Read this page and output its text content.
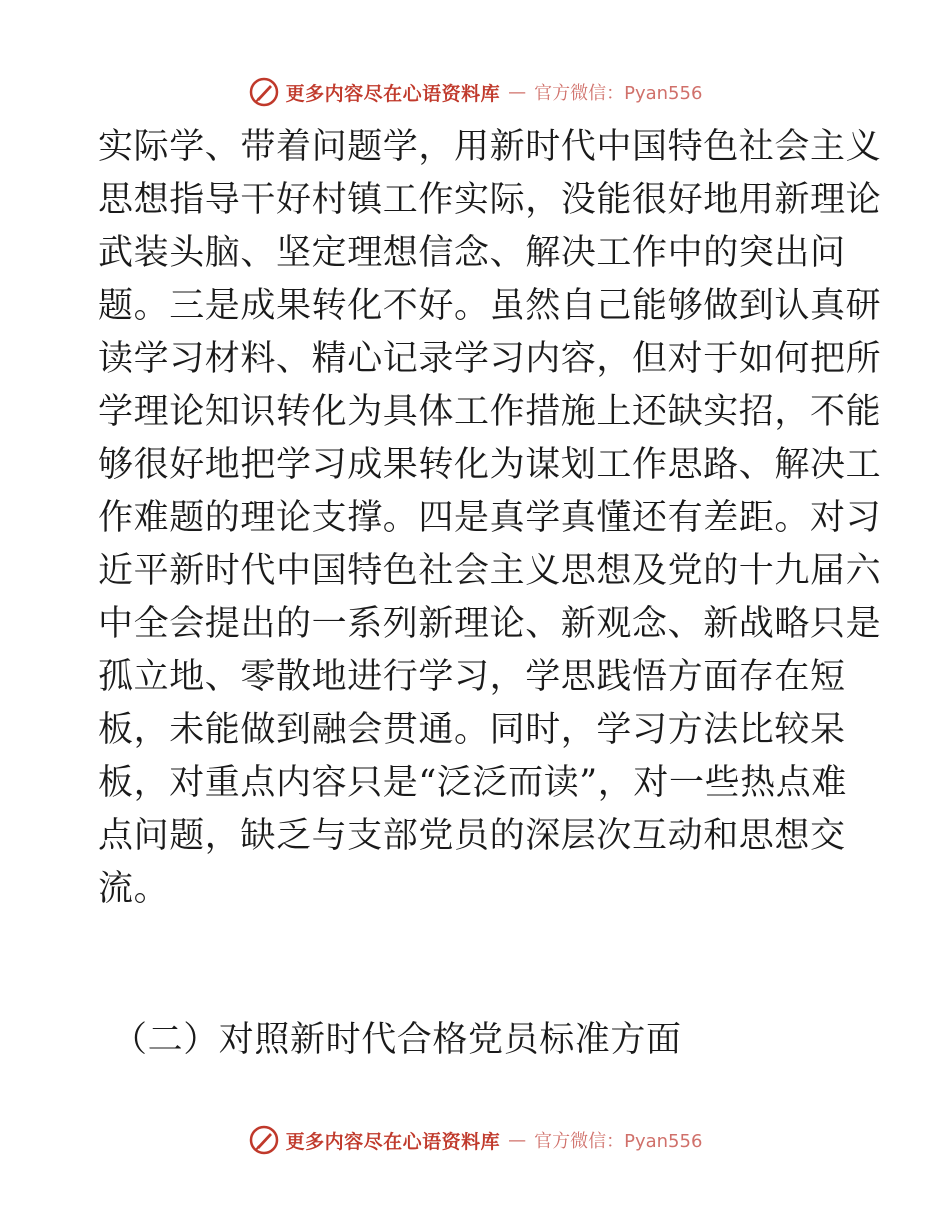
更多内容尽在心语资料库 — 官方微信：Pyan556
实际学、带着问题学，用新时代中国特色社会主义
思想指导干好村镇工作实际，没能很好地用新理论
武装头脑、坚定理想信念、解决工作中的突出问
题。三是成果转化不好。虽然自己能够做到认真研
读学习材料、精心记录学习内容，但对于如何把所
学理论知识转化为具体工作措施上还缺实招，不能
够很好地把学习成果转化为谋划工作思路、解决工
作难题的理论支撑。四是真学真懂还有差距。对习
近平新时代中国特色社会主义思想及党的十九届六
中全会提出的一系列新理论、新观念、新战略只是
孤立地、零散地进行学习，学思践悟方面存在短
板，未能做到融会贯通。同时，学习方法比较呆
板，对重点内容只是“泛泛而读”，对一些热点难
点问题，缺乏与支部党员的深层次互动和思想交
流。
（二）对照新时代合格党员标准方面
更多内容尽在心语资料库 — 官方微信：Pyan556
